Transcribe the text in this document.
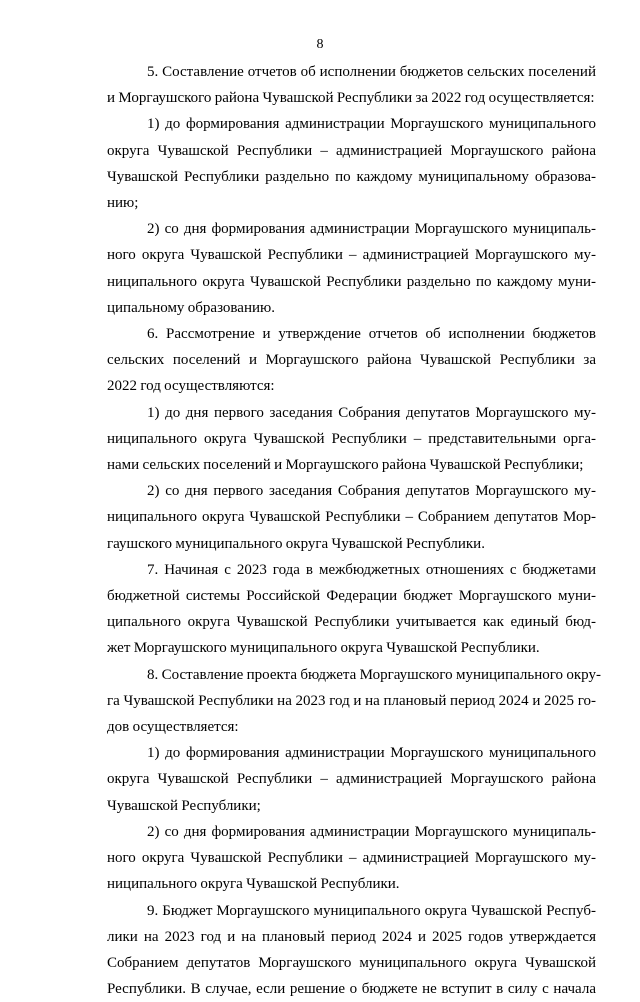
8
5. Составление отчетов об исполнении бюджетов сельских поселений
и Моргаушского района Чувашской Республики за 2022 год осуществляется:
1) до формирования администрации Моргаушского муниципального
округа Чувашской Республики – администрацией Моргаушского района
Чувашской Республики раздельно по каждому муниципальному образова-
нию;
2) со дня формирования администрации Моргаушского муниципаль-
ного округа Чувашской Республики – администрацией Моргаушского му-
ниципального округа Чувашской Республики раздельно по каждому муни-
ципальному образованию.
6. Рассмотрение и утверждение отчетов об исполнении бюджетов
сельских поселений и Моргаушского района Чувашской Республики за
2022 год осуществляются:
1) до дня первого заседания Собрания депутатов Моргаушского му-
ниципального округа Чувашской Республики – представительными орга-
нами сельских поселений и Моргаушского района Чувашской Республики;
2) со дня первого заседания Собрания депутатов Моргаушского му-
ниципального округа Чувашской Республики – Собранием депутатов Мор-
гаушского муниципального округа Чувашской Республики.
7. Начиная с 2023 года в межбюджетных отношениях с бюджетами
бюджетной системы Российской Федерации бюджет Моргаушского муни-
ципального округа Чувашской Республики учитывается как единый бюд-
жет Моргаушского муниципального округа Чувашской Республики.
8. Составление проекта бюджета Моргаушского муниципального окру-
га Чувашской Республики на 2023 год и на плановый период 2024 и 2025 го-
дов осуществляется:
1) до формирования администрации Моргаушского муниципального
округа Чувашской Республики – администрацией Моргаушского района
Чувашской Республики;
2) со дня формирования администрации Моргаушского муниципаль-
ного округа Чувашской Республики – администрацией Моргаушского му-
ниципального округа Чувашской Республики.
9. Бюджет Моргаушского муниципального округа Чувашской Респуб-
лики на 2023 год и на плановый период 2024 и 2025 годов утверждается
Собранием депутатов Моргаушского муниципального округа Чувашской
Республики. В случае, если решение о бюджете не вступит в силу с начала
